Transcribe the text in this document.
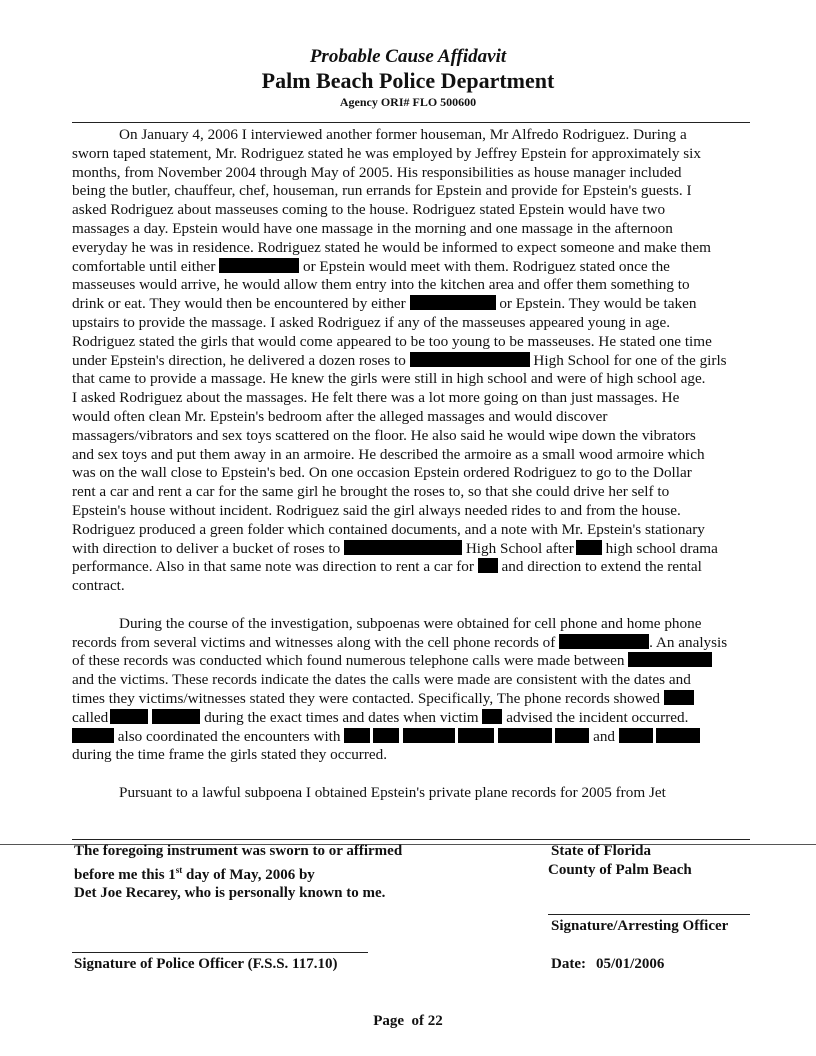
Probable Cause Affidavit
Palm Beach Police Department
Agency ORI# FLO 500600
On January 4, 2006 I interviewed another former houseman, Mr Alfredo Rodriguez. During a
sworn taped statement, Mr. Rodriguez stated he was employed by Jeffrey Epstein for approximately six
months, from November 2004 through May of 2005. His responsibilities as house manager included
being the butler, chauffeur, chef, houseman, run errands for Epstein and provide for Epstein's guests. I
asked Rodriguez about masseuses coming to the house. Rodriguez stated Epstein would have two
massages a day. Epstein would have one massage in the morning and one massage in the afternoon
everyday he was in residence. Rodriguez stated he would be informed to expect someone and make them
comfortable until either	or Epstein would meet with them. Rodriguez stated once the
masseuses would arrive, he would allow them entry into the kitchen area and offer them something to
drink or eat. They would then be encountered by either	or Epstein. They would be taken
upstairs to provide the massage. I asked Rodriguez if any of the masseuses appeared young in age.
Rodriguez stated the girls that would come appeared to be too young to be masseuses. He stated one time
under Epstein's direction, he delivered a dozen roses to	High School for one of the girls
that came to provide a massage. He knew the girls were still in high school and were of high school age.
I asked Rodriguez about the massages. He felt there was a lot more going on than just massages. He
would often clean Mr. Epstein's bedroom after the alleged massages and would discover
massagers/vibrators and sex toys scattered on the floor. He also said he would wipe down the vibrators
and sex toys and put them away in an armoire. He described the armoire as a small wood armoire which
was on the wall close to Epstein's bed. On one occasion Epstein ordered Rodriguez to go to the Dollar
rent a car and rent a car for the same girl he brought the roses to, so that she could drive her self to
Epstein's house without incident. Rodriguez said the girl always needed rides to and from the house.
Rodriguez produced a green folder which contained documents, and a note with Mr. Epstein's stationary
with direction to deliver a bucket of roses to	High School after high school drama
performance. Also in that same note was direction to rent a car for  and direction to extend the rental
contract.
During the course of the investigation, subpoenas were obtained for cell phone and home phone
records from several victims and witnesses along with the cell phone records of	. An analysis
of these records was conducted which found numerous telephone calls were made between
and the victims. These records indicate the dates the calls were made are consistent with the dates and
times they victims/witnesses stated they were contacted. Specifically, The phone records showed
called	during the exact times and dates when victim  advised the incident occurred.
also coordinated the encounters with	and
during the time frame the girls stated they occurred.
Pursuant to a lawful subpoena I obtained Epstein's private plane records for 2005 from Jet
The foregoing instrument was sworn to or affirmed
before me this 1st day of May, 2006 by
Det Joe Recarey, who is personally known to me.
State of Florida
County of Palm Beach
Signature/Arresting Officer
Signature of Police Officer (F.S.S. 117.10)	Date: 05/01/2006
Page of 22
